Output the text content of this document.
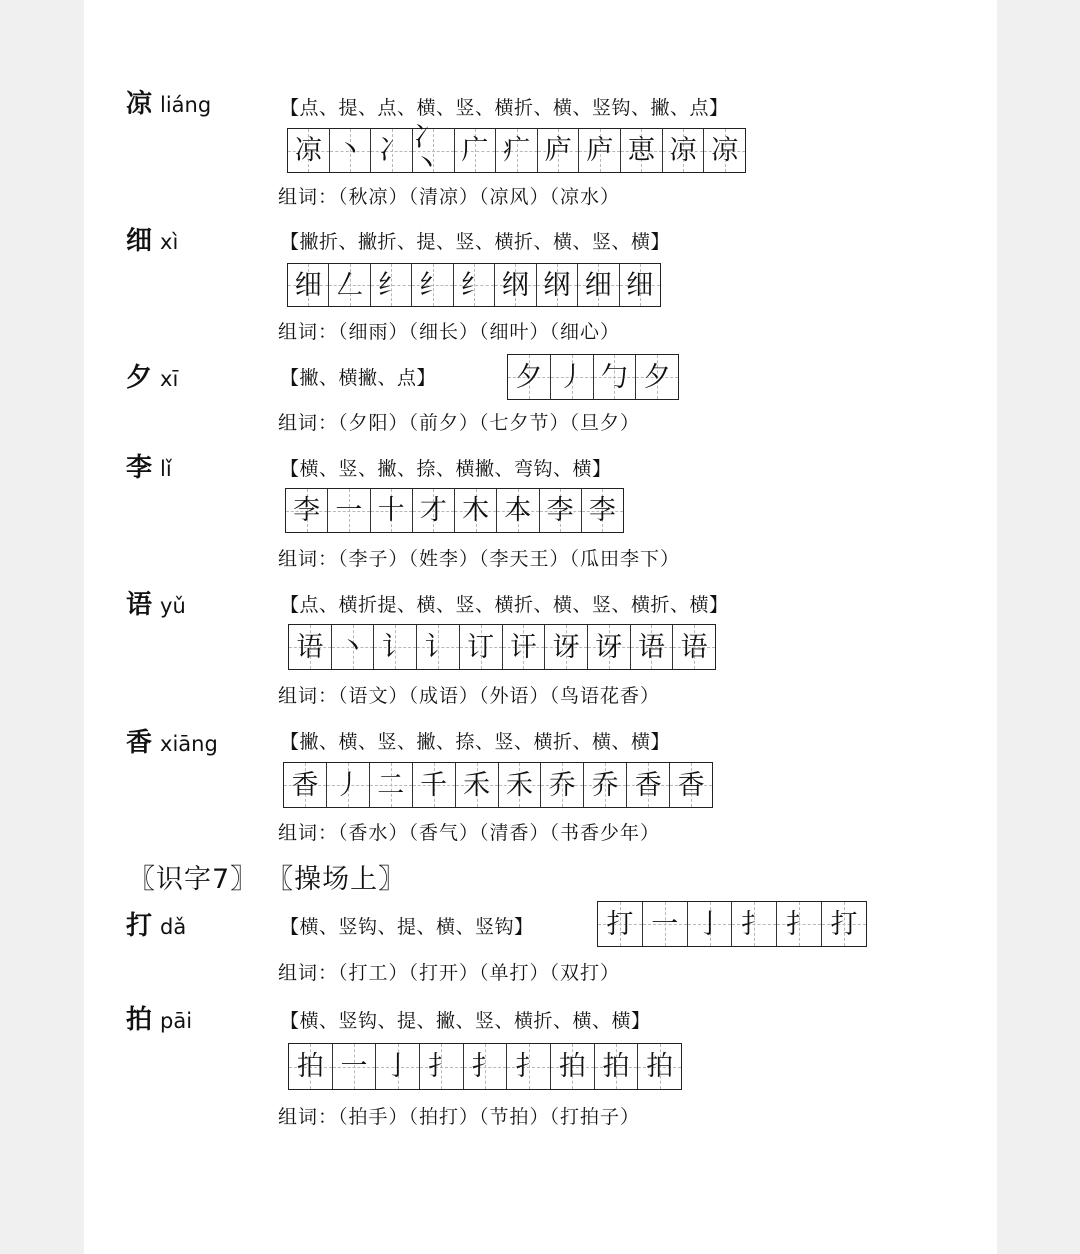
凉 liáng	【点、提、点、横、竖、横折、横、竖钩、撇、点】
凉 丶 冫 冫丶 广 疒 庐 庐 𠅤 凉 凉
组词：（秋凉）（清凉）（凉风）（凉水）
细 xì	【撇折、撇折、提、竖、横折、横、竖、横】
细 𠃋 纟 纟 纟 纲 纲 细 细
组词：（细雨）（细长）（细叶）（细心）
夕 xī	【撇、横撇、点】	夕 丿 勹 夕
组词：（夕阳）（前夕）（七夕节）（旦夕）
李 lǐ	【横、竖、撇、捺、横撇、弯钩、横】
李 一 十 才 木 本 李 李
组词：（李子）（姓李）（李天王）（瓜田李下）
语 yǔ	【点、横折提、横、竖、横折、横、竖、横折、横】
语 丶 讠 讠 订 讦 讶 讶 语 语
组词：（语文）（成语）（外语）（鸟语花香）
香 xiāng	【撇、横、竖、撇、捺、竖、横折、横、横】
香 丿 二 千 禾 禾 乔 乔 香 香
组词：（香水）（香气）（清香）（书香少年）
〖识字7〗 〖操场上〗
打 dǎ	【横、竖钩、提、横、竖钩】	打 一 亅 扌 扌 打
组词：（打工）（打开）（单打）（双打）
拍 pāi	【横、竖钩、提、撇、竖、横折、横、横】
拍 一 亅 扌 扌 扌 拍 拍 拍
组词：（拍手）（拍打）（节拍）（打拍子）
